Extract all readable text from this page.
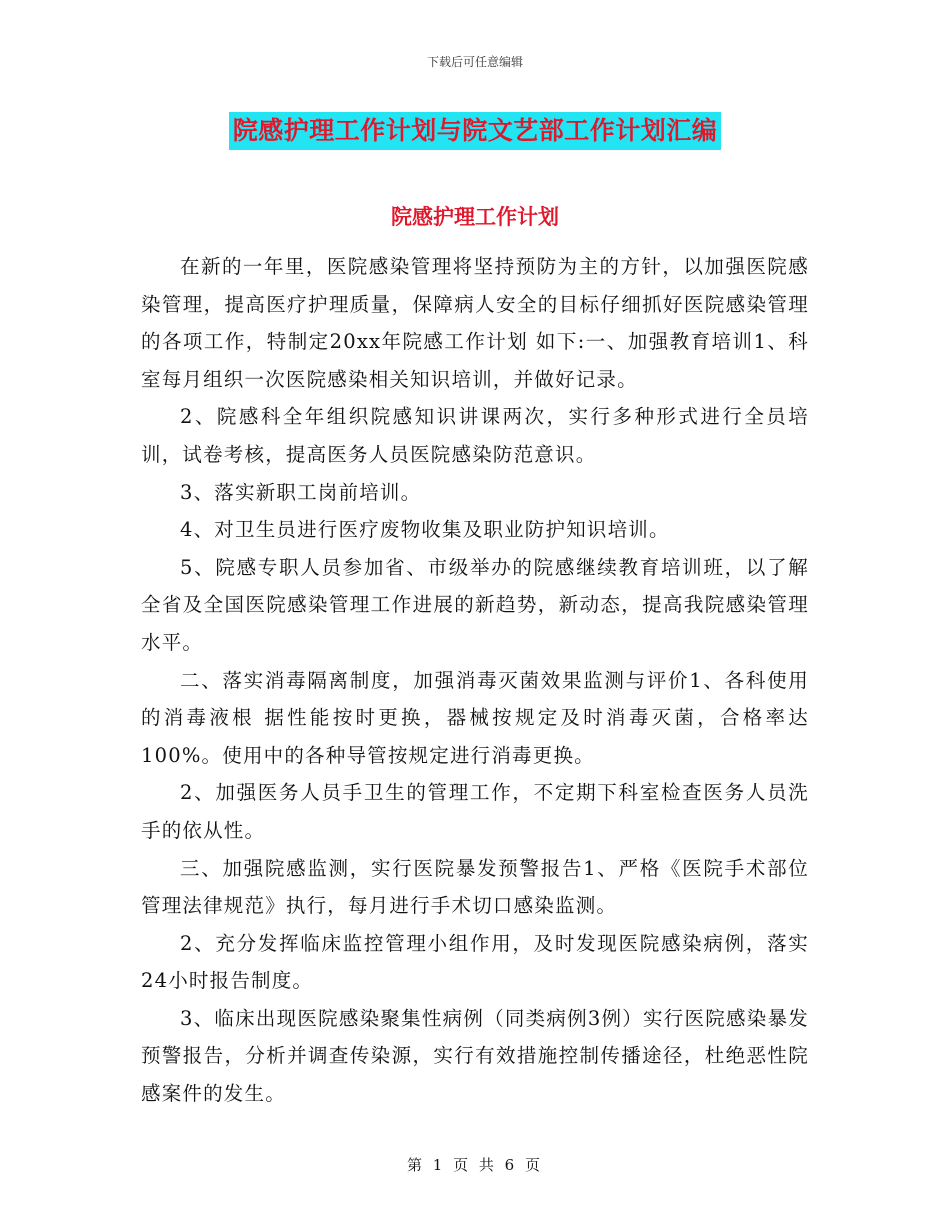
下载后可任意编辑
院感护理工作计划与院文艺部工作计划汇编
院感护理工作计划

在新的一年里，医院感染管理将坚持预防为主的方针，以加强医院感染管理，提高医疗护理质量，保障病人安全的目标仔细抓好医院感染管理的各项工作，特制定20xx年院感工作计划 如下:一、加强教育培训1、科室每月组织一次医院感染相关知识培训，并做好记录。

2、院感科全年组织院感知识讲课两次，实行多种形式进行全员培训，试卷考核，提高医务人员医院感染防范意识。

3、落实新职工岗前培训。

4、对卫生员进行医疗废物收集及职业防护知识培训。

5、院感专职人员参加省、市级举办的院感继续教育培训班，以了解全省及全国医院感染管理工作进展的新趋势，新动态，提高我院感染管理水平。

二、落实消毒隔离制度，加强消毒灭菌效果监测与评价1、各科使用的消毒液根 据性能按时更换，器械按规定及时消毒灭菌，合格率达100%。使用中的各种导管按规定进行消毒更换。

2、加强医务人员手卫生的管理工作，不定期下科室检查医务人员洗手的依从性。

三、加强院感监测，实行医院暴发预警报告1、严格《医院手术部位管理法律规范》执行，每月进行手术切口感染监测。

2、充分发挥临床监控管理小组作用，及时发现医院感染病例，落实24小时报告制度。

3、临床出现医院感染聚集性病例（同类病例3例）实行医院感染暴发预警报告，分析并调查传染源，实行有效措施控制传播途径，杜绝恶性院感案件的发生。

第 1 页 共 6 页
